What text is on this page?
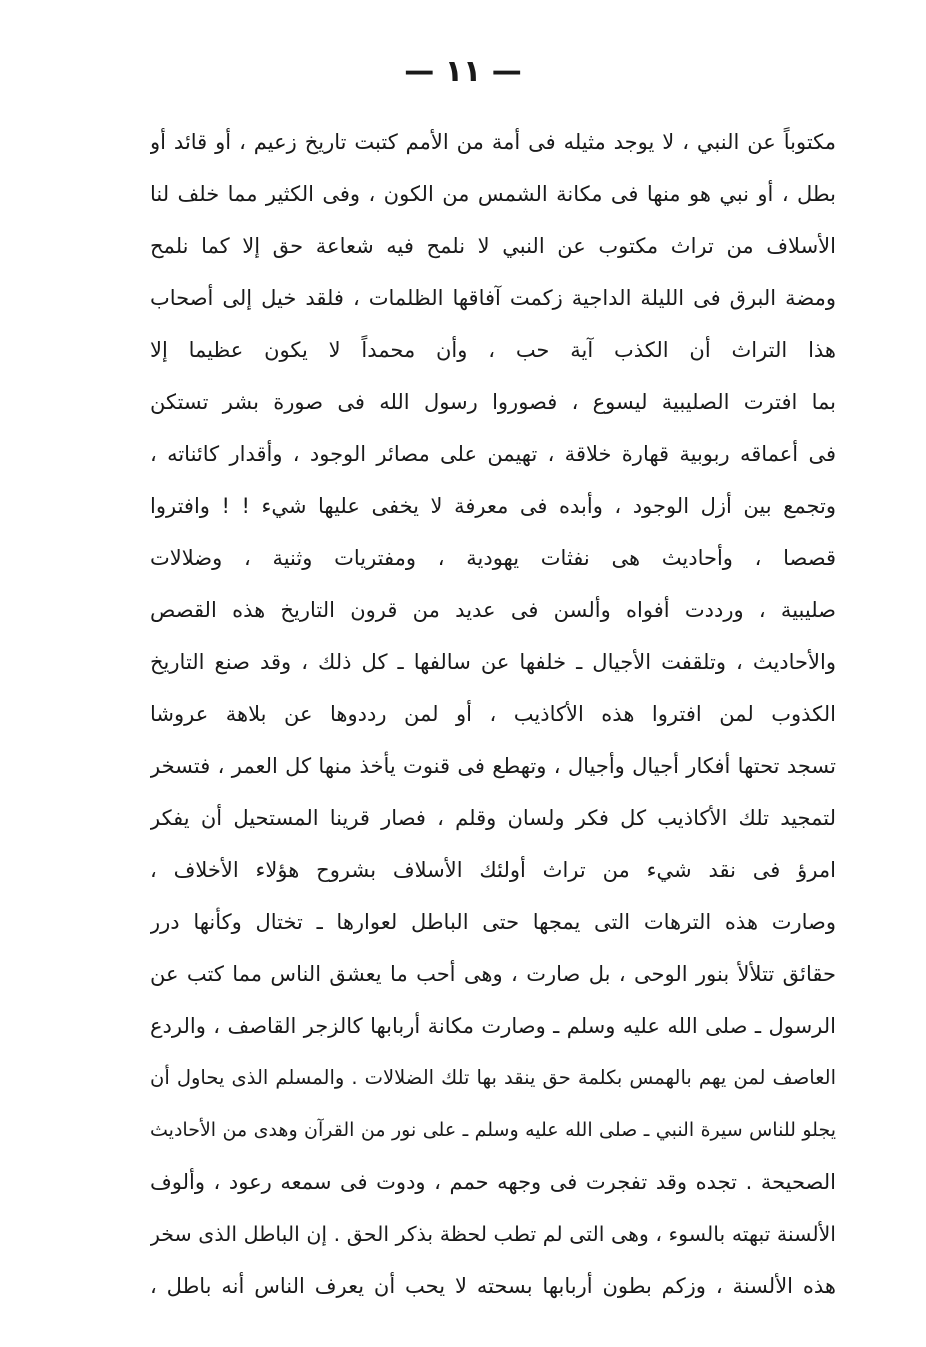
— ١١ —
مكتوباً عن النبي ، لا يوجد مثيله فى أمة من الأمم كتبت تاريخ زعيم ، أو قائد أو
بطل ، أو نبي هو منها فى مكانة الشمس من الكون ، وفى الكثير مما خلف لنا
الأسلاف من تراث مكتوب عن النبي لا نلمح فيه شعاعة حق إلا كما نلمح
ومضة البرق فى الليلة الداجية زكمت آفاقها الظلمات ، فلقد خيل إلى أصحاب
هذا التراث أن الكذب آية حب ، وأن محمداً لا يكون عظيما إلا
بما افترت الصليبية ليسوع ، فصوروا رسول الله فى صورة بشر تستكن
فى أعماقه ربوبية قهارة خلاقة ، تهيمن على مصائر الوجود ، وأقدار كائناته ،
وتجمع بين أزل الوجود ، وأبده فى معرفة لا يخفى عليها شيء ! ! وافتروا
قصصا ، وأحاديث هى نفثات يهودية ، ومفتريات وثنية ، وضلالات
صليبية ، ورددت أفواه وألسن فى عديد من قرون التاريخ هذه القصص
والأحاديث ، وتلقفت الأجيال ـ خلفها عن سالفها ـ كل ذلك ، وقد صنع التاريخ
الكذوب لمن افتروا هذه الأكاذيب ، أو لمن رددوها عن بلاهة عروشا
تسجد تحتها أفكار أجيال وأجيال ، وتهطع فى قنوت يأخذ منها كل العمر ، فتسخر
لتمجيد تلك الأكاذيب كل فكر ولسان وقلم ، فصار قرينا المستحيل أن يفكر
امرؤ فى نقد شيء من تراث أولئك الأسلاف بشروح هؤلاء الأخلاف ،
وصارت هذه الترهات التى يمجها حتى الباطل لعوارها ـ تختال وكأنها درر
حقائق تتلألأ بنور الوحى ، بل صارت ، وهى أحب ما يعشق الناس مما كتب عن
الرسول ـ صلى الله عليه وسلم ـ وصارت مكانة أربابها كالزجر القاصف ، والردع
العاصف لمن يهم بالهمس بكلمة حق ينقد بها تلك الضلالات . والمسلم الذى يحاول أن
يجلو للناس سيرة النبي ـ صلى الله عليه وسلم ـ على نور من القرآن وهدى من الأحاديث
الصحيحة . تجده وقد تفجرت فى وجهه حمم ، ودوت فى سمعه رعود ، وألوف
الألسنة تبهته بالسوء ، وهى التى لم تطب لحظة بذكر الحق . إن الباطل الذى سخر
هذه الألسنة ، وزكم بطون أربابها بسحته لا يحب أن يعرف الناس أنه باطل ،
